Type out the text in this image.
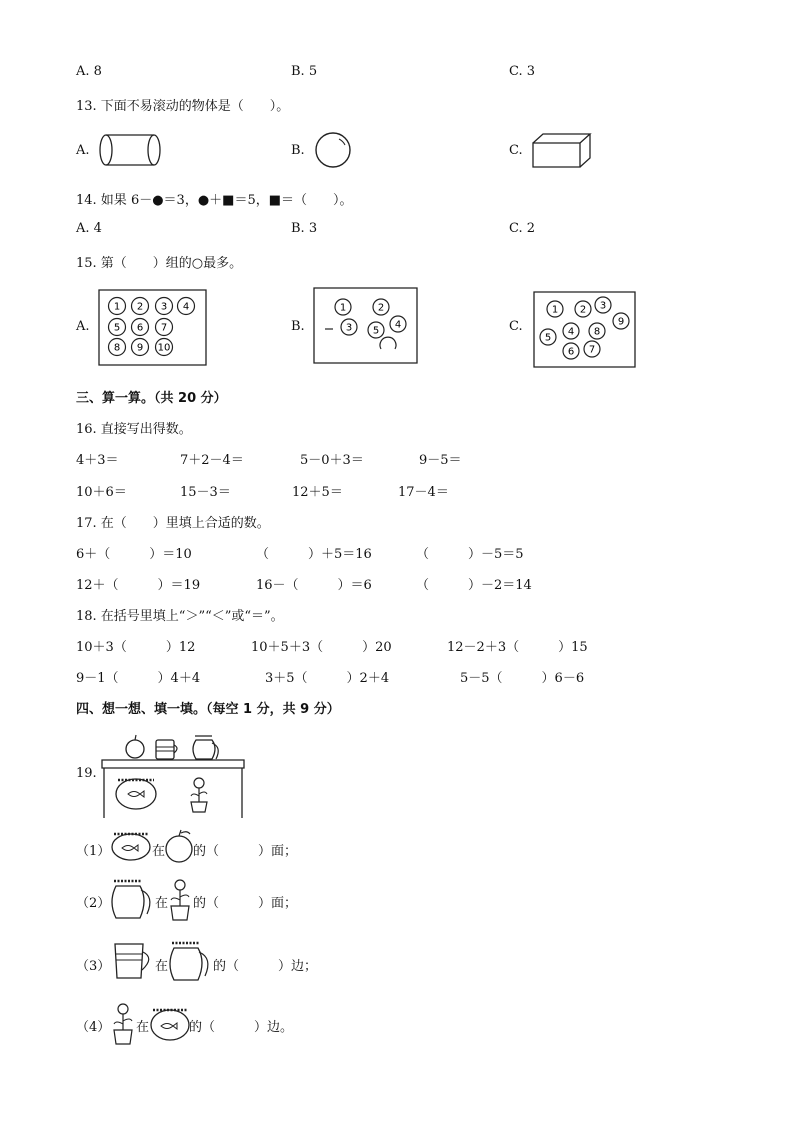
A. 8	B. 5	C. 3
13. 下面不易滚动的物体是（　　）。
A.	B.	C.
14. 如果 6－●＝3，●＋■＝5，■＝（　　）。
A. 4	B. 3	C. 2
15. 第（　　）组的○最多。
A.
1 2 3 4
5 6 7
8 9 10
B.
1	2
3	4
5	C.
1 2 3
4
5
6 7
8
9
三、算一算。（共 20 分）
16. 直接写出得数。
4＋3＝	7＋2－4＝	5－0＋3＝	9－5＝
10＋6＝	15－3＝	12＋5＝	17－4＝
17. 在（　　）里填上合适的数。
6＋（　　　）＝10	（　　　）＋5＝16	（　　　）－5＝5
12＋（　　　）＝19	16－（　　　）＝6	（　　　）－2＝14
18. 在括号里填上“＞”“＜”或“＝”。
10＋3（　　　）12	10＋5＋3（　　　）20	12－2＋3（　　　）15
9－1（　　　）4＋4	3＋5（　　　）2＋4	5－5（　　　）6－6
四、想一想、填一填。（每空 1 分，共 9 分）
19.
（1）	在 的（　　　）面；
（2）	在 的（　　　）面；
（3）	在	的（　　　）边；
（4） 在	的（　　　）边。
